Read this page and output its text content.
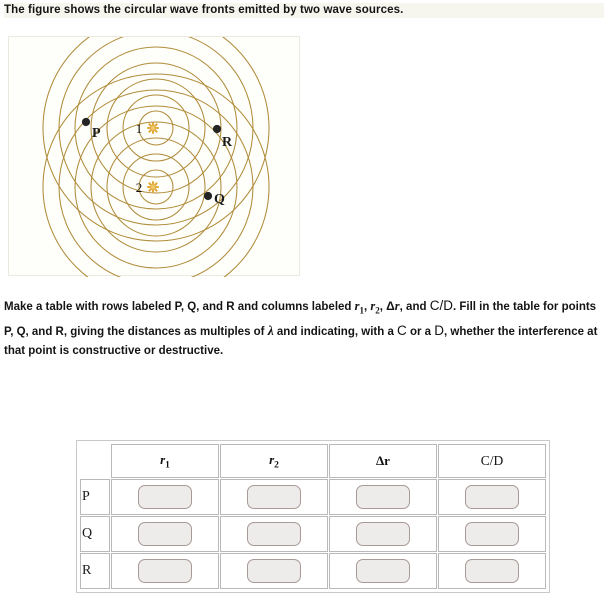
The figure shows the circular wave fronts emitted by two wave sources.
1
2
P
R
Q
Make a table with rows labeled P, Q, and R and columns labeled $r_1$, $r_2$, Δr, and C/D. Fill in the table for points P, Q, and R, giving the distances as multiples of λ and indicating, with a C or a D, whether the interference at that point is constructive or destructive.
	$r_1$	$r_2$	Δr	C/D
P				
Q				
R				
